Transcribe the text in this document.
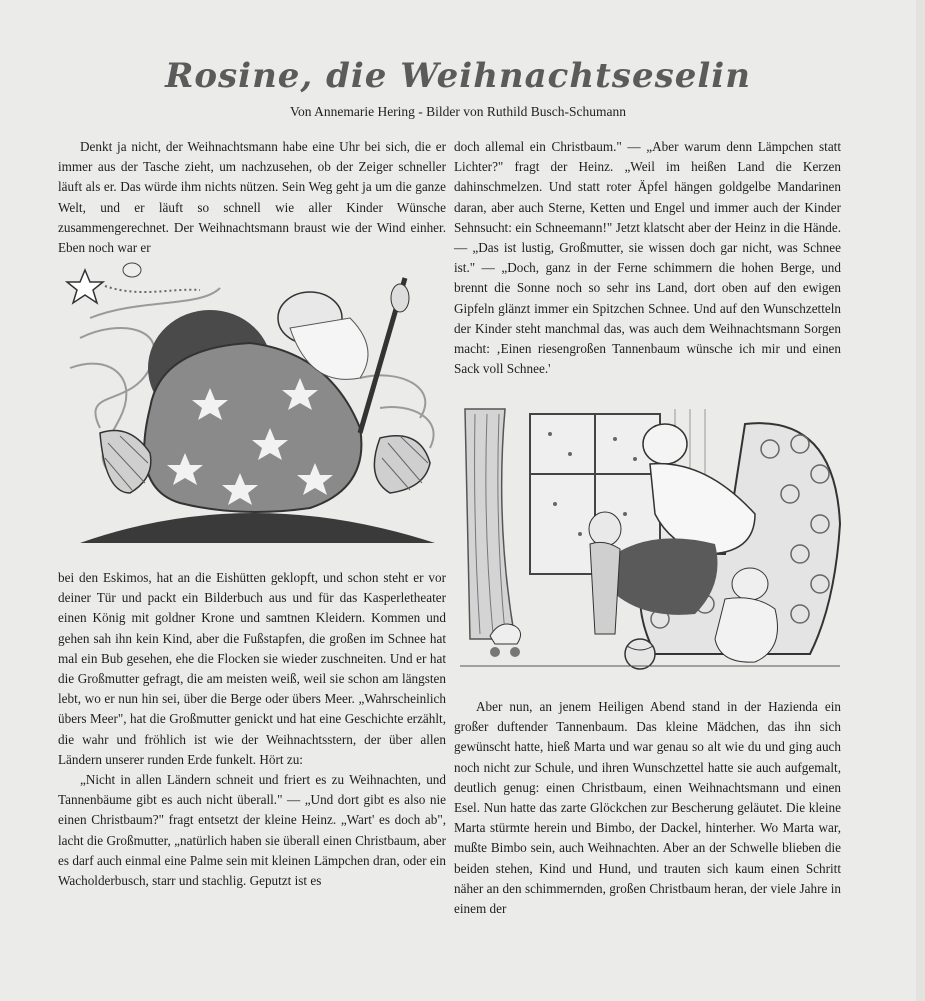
Rosine, die Weihnachtseselin
Von Annemarie Hering - Bilder von Ruthild Busch-Schumann

Denkt ja nicht, der Weihnachtsmann habe eine Uhr bei sich, die er immer aus der Tasche zieht, um nachzusehen, ob der Zeiger schneller läuft als er. Das würde ihm nichts nützen. Sein Weg geht ja um die ganze Welt, und er läuft so schnell wie aller Kinder Wünsche zusammengerechnet. Der Weihnachtsmann braust wie der Wind einher. Eben noch war er

bei den Eskimos, hat an die Eishütten geklopft, und schon steht er vor deiner Tür und packt ein Bilderbuch aus und für das Kasperletheater einen König mit goldner Krone und samtnen Kleidern. Kommen und gehen sah ihn kein Kind, aber die Fußstapfen, die großen im Schnee hat mal ein Bub gesehen, ehe die Flocken sie wieder zuschneiten. Und er hat die Großmutter gefragt, die am meisten weiß, weil sie schon am längsten lebt, wo er nun hin sei, über die Berge oder übers Meer. „Wahrscheinlich übers Meer", hat die Großmutter genickt und hat eine Geschichte erzählt, die wahr und fröhlich ist wie der Weihnachtsstern, der über allen Ländern unserer runden Erde funkelt. Hört zu:

„Nicht in allen Ländern schneit und friert es zu Weihnachten, und Tannenbäume gibt es auch nicht überall." — „Und dort gibt es also nie einen Christbaum?" fragt entsetzt der kleine Heinz. „Wart' es doch ab", lacht die Großmutter, „natürlich haben sie überall einen Christbaum, aber es darf auch einmal eine Palme sein mit kleinen Lämpchen dran, oder ein Wacholderbusch, starr und stachlig. Geputzt ist es

doch allemal ein Christbaum." — „Aber warum denn Lämpchen statt Lichter?" fragt der Heinz. „Weil im heißen Land die Kerzen dahinschmelzen. Und statt roter Äpfel hängen goldgelbe Mandarinen daran, aber auch Sterne, Ketten und Engel und immer auch der Kinder Sehnsucht: ein Schneemann!" Jetzt klatscht aber der Heinz in die Hände. — „Das ist lustig, Großmutter, sie wissen doch gar nicht, was Schnee ist." — „Doch, ganz in der Ferne schimmern die hohen Berge, und brennt die Sonne noch so sehr ins Land, dort oben auf den ewigen Gipfeln glänzt immer ein Spitzchen Schnee. Und auf den Wunschzetteln der Kinder steht manchmal das, was auch dem Weihnachtsmann Sorgen macht: ‚Einen riesengroßen Tannenbaum wünsche ich mir und einen Sack voll Schnee.'

Aber nun, an jenem Heiligen Abend stand in der Hazienda ein großer duftender Tannenbaum. Das kleine Mädchen, das ihn sich gewünscht hatte, hieß Marta und war genau so alt wie du und ging auch noch nicht zur Schule, und ihren Wunschzettel hatte sie auch aufgemalt, deutlich genug: einen Christbaum, einen Weihnachtsmann und einen Esel. Nun hatte das zarte Glöckchen zur Bescherung geläutet. Die kleine Marta stürmte herein und Bimbo, der Dackel, hinterher. Wo Marta war, mußte Bimbo sein, auch Weihnachten. Aber an der Schwelle blieben die beiden stehen, Kind und Hund, und trauten sich kaum einen Schritt näher an den schimmernden, großen Christbaum heran, der viele Jahre in einem der
